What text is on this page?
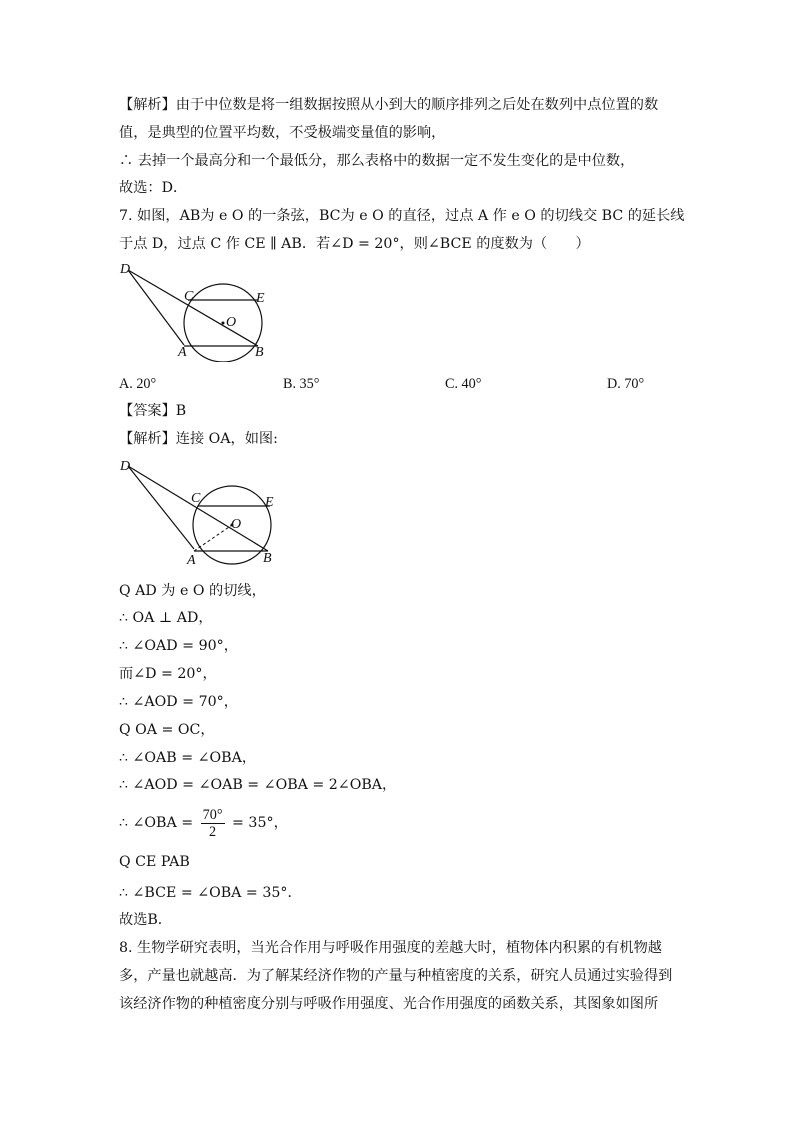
【解析】由于中位数是将一组数据按照从小到大的顺序排列之后处在数列中点位置的数
值，是典型的位置平均数，不受极端变量值的影响，
∴ 去掉一个最高分和一个最低分，那么表格中的数据一定不发生变化的是中位数，
故选：D．
7. 如图，AB为 e O 的一条弦，BC为 e O 的直径，过点 A 作 e O 的切线交 BC 的延长线
于点 D，过点 C 作 CE ∥ AB．若∠D = 20°，则∠BCE 的度数为（　　）
D
C	E
O
A	B
A. 20°	B. 35°	C. 40°	D. 70°
【答案】B
【解析】连接 OA，如图:
D
C	E
O
A	B
Q AD 为 e O 的切线，
∴ OA ⊥ AD，
∴ ∠OAD = 90°，
而∠D = 20°，
∴ ∠AOD = 70°，
Q OA = OC，
∴ ∠OAB = ∠OBA，
∴ ∠AOD = ∠OAB = ∠OBA = 2∠OBA，
∴ ∠OBA = $\frac{70^\circ}{2} = 35^\circ$，
Q CE PAB
∴ ∠BCE = ∠OBA = 35°．
故选B．
8. 生物学研究表明，当光合作用与呼吸作用强度的差越大时，植物体内积累的有机物越
多，产量也就越高．为了解某经济作物的产量与种植密度的关系，研究人员通过实验得到
该经济作物的种植密度分别与呼吸作用强度、光合作用强度的函数关系，其图象如图所
